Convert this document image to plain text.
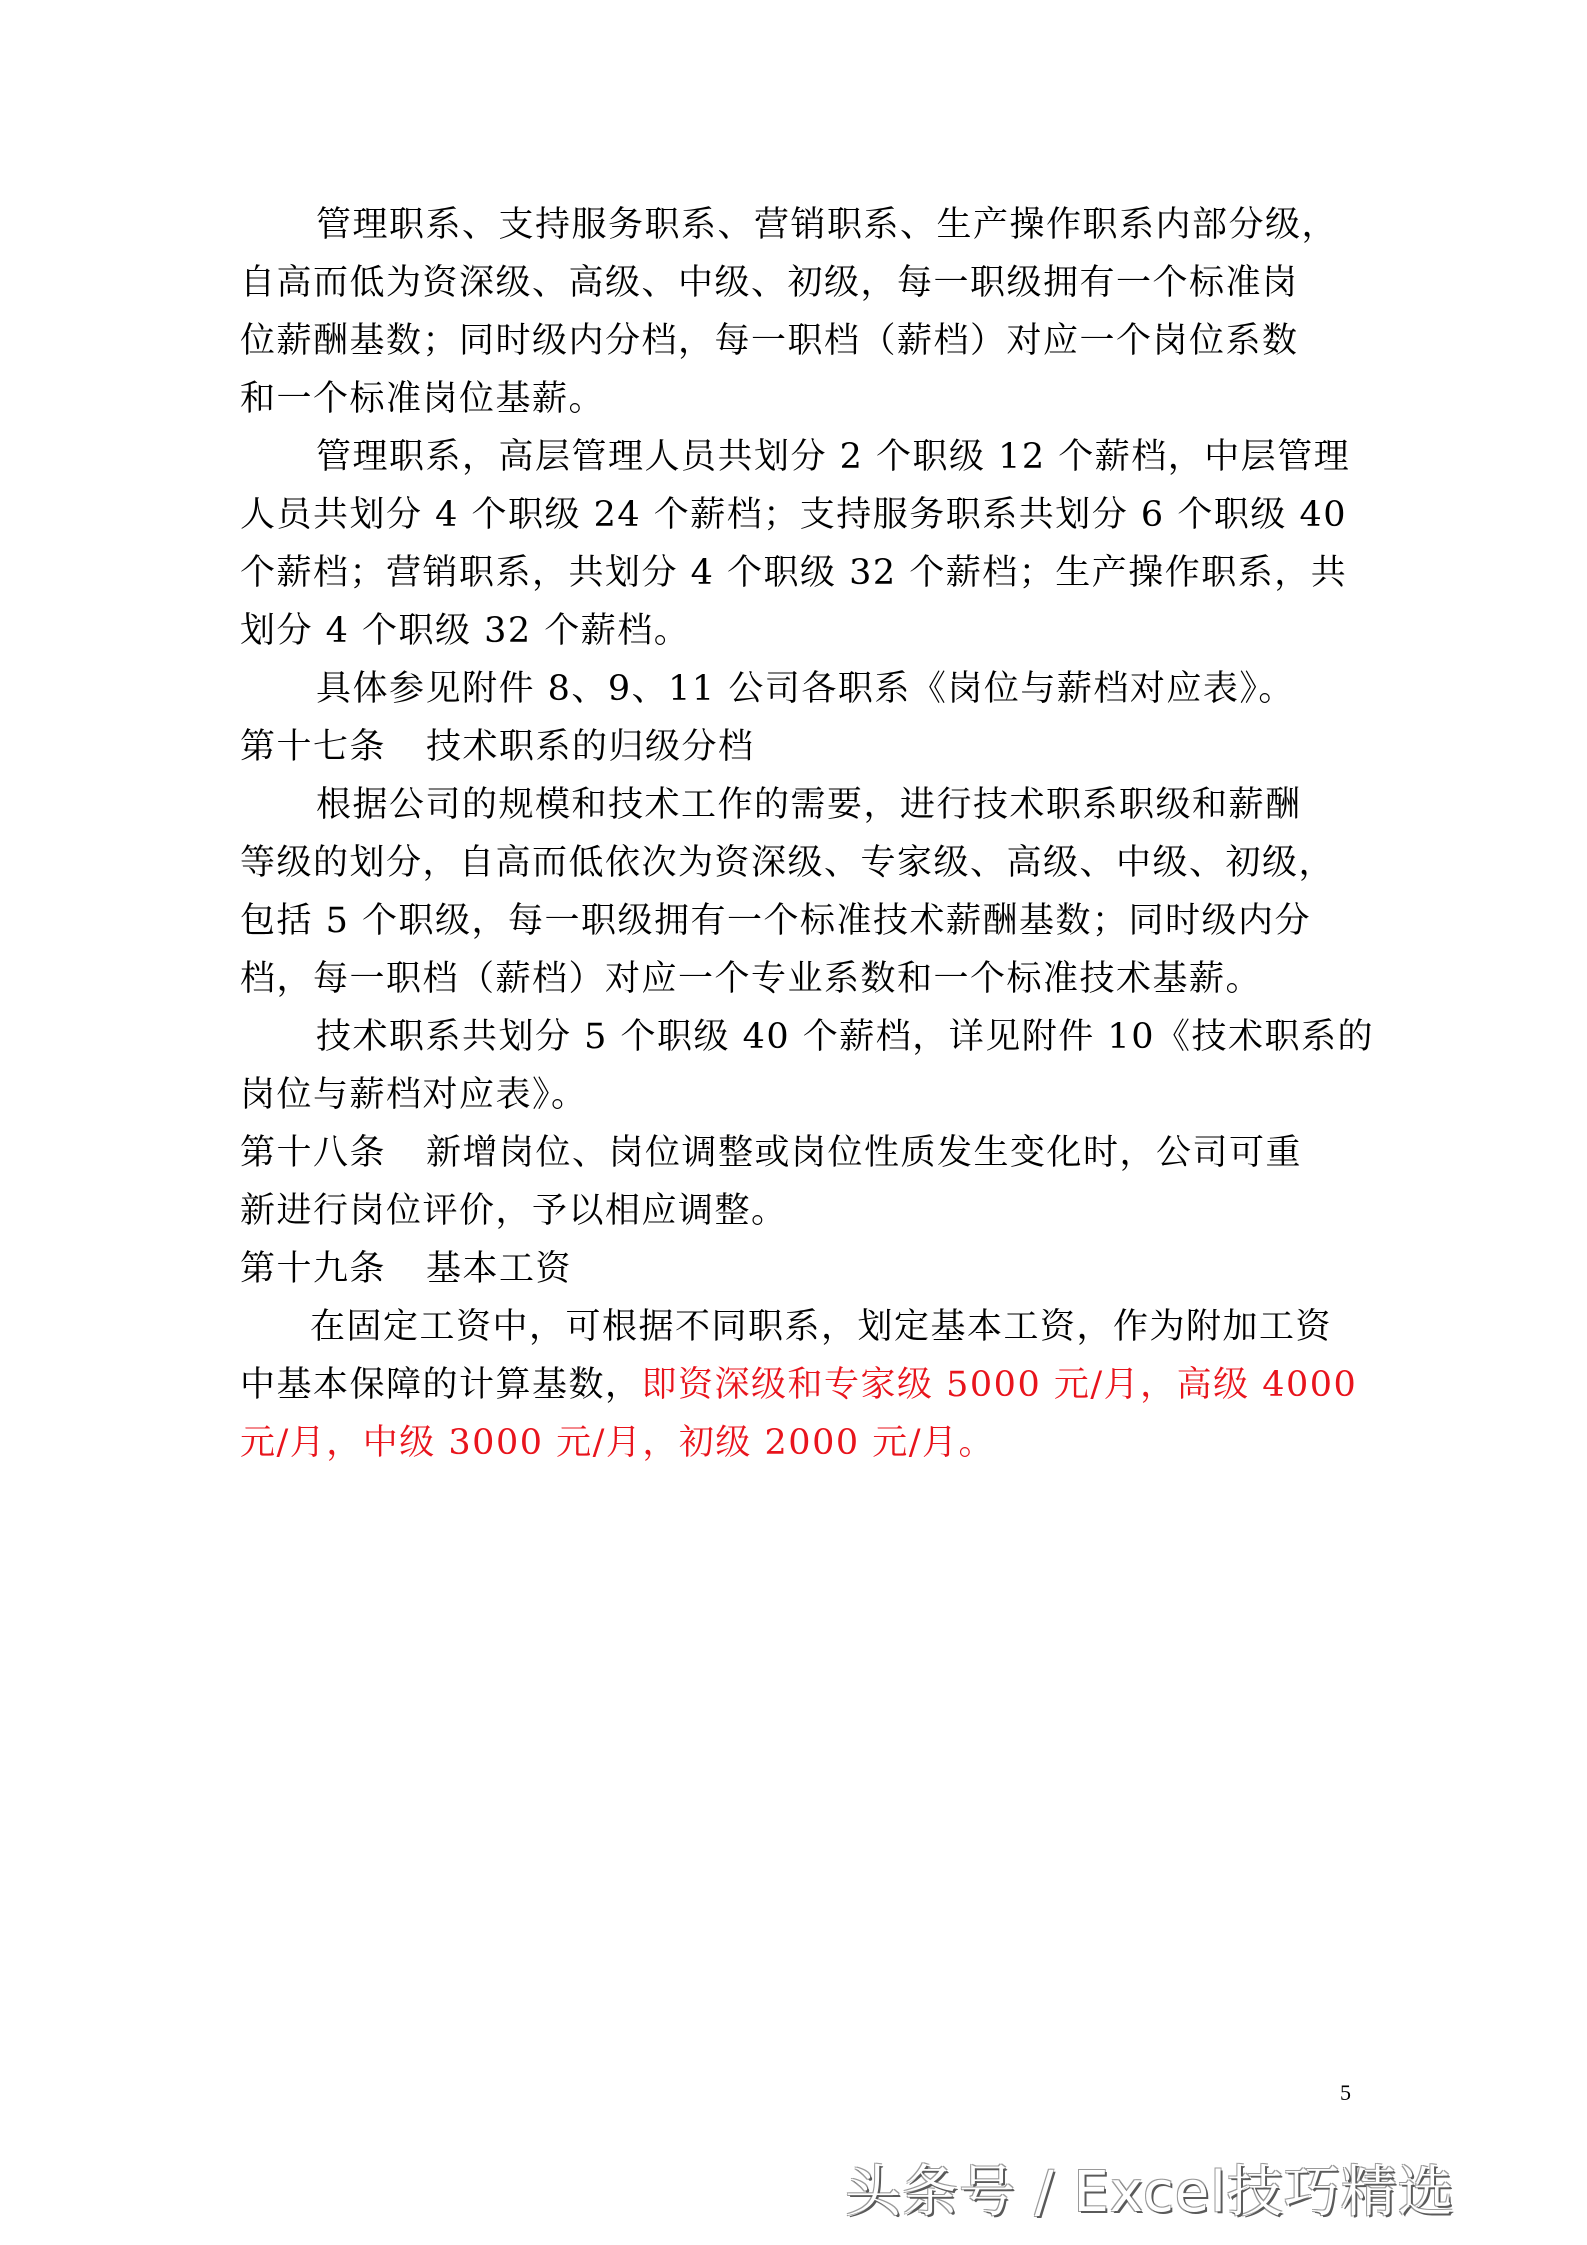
管理职系、支持服务职系、营销职系、生产操作职系内部分级，
自高而低为资深级、高级、中级、初级，每一职级拥有一个标准岗
位薪酬基数；同时级内分档，每一职档（薪档）对应一个岗位系数
和一个标准岗位基薪。
管理职系，高层管理人员共划分 2 个职级 12 个薪档，中层管理
人员共划分 4 个职级 24 个薪档；支持服务职系共划分 6 个职级 40
个薪档；营销职系，共划分 4 个职级 32 个薪档；生产操作职系，共
划分 4 个职级 32 个薪档。
具体参见附件 8、9、11 公司各职系《岗位与薪档对应表》。
第十七条 技术职系的归级分档
根据公司的规模和技术工作的需要，进行技术职系职级和薪酬
等级的划分，自高而低依次为资深级、专家级、高级、中级、初级，
包括 5 个职级，每一职级拥有一个标准技术薪酬基数；同时级内分
档，每一职档（薪档）对应一个专业系数和一个标准技术基薪。
技术职系共划分 5 个职级 40 个薪档，详见附件 10《技术职系的
岗位与薪档对应表》。
第十八条 新增岗位、岗位调整或岗位性质发生变化时，公司可重
新进行岗位评价，予以相应调整。
第十九条 基本工资
在固定工资中，可根据不同职系，划定基本工资，作为附加工资
中基本保障的计算基数，即资深级和专家级 5000 元/月，高级 4000
元/月，中级 3000 元/月，初级 2000 元/月。
5
头条号 / Excel技巧精选
